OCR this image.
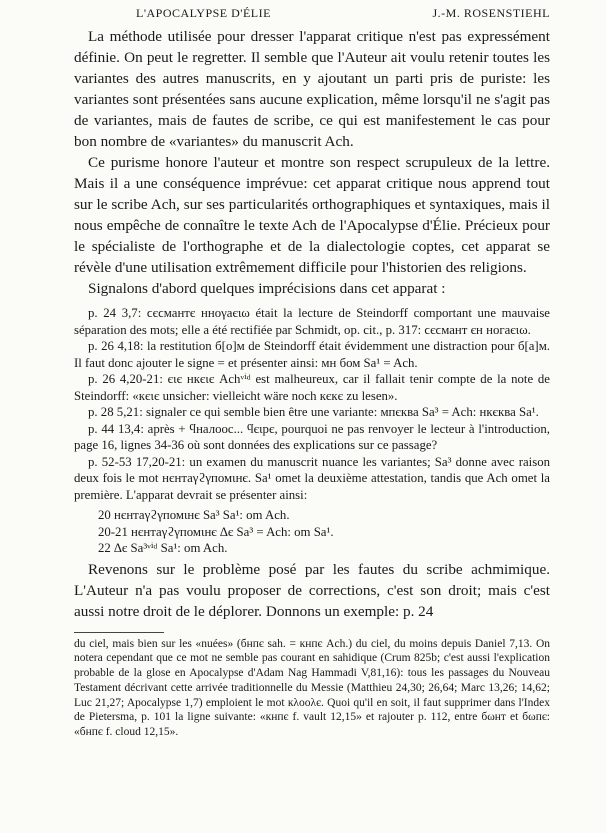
L'APOCALYPSE D'ÉLIE	J.-M. ROSENSTIEHL

La méthode utilisée pour dresser l'apparat critique n'est pas expressément définie. On peut le regretter. Il semble que l'Auteur ait voulu retenir toutes les variantes des autres manuscrits, en y ajoutant un parti pris de puriste: les variantes sont présentées sans aucune explication, même lorsqu'il ne s'agit pas de variantes, mais de fautes de scribe, ce qui est manifestement le cas pour bon nombre de «variantes» du manuscrit Ach.

Ce purisme honore l'auteur et montre son respect scrupuleux de la lettre. Mais il a une conséquence imprévue: cet apparat critique nous apprend tout sur le scribe Ach, sur ses particularités orthographiques et syntaxiques, mais il nous empêche de connaître le texte Ach de l'Apocalypse d'Élie. Précieux pour le spécialiste de l'orthographe et de la dialectologie coptes, cet apparat se révèle d'une utilisation extrêmement difficile pour l'historien des religions.

Signalons d'abord quelques imprécisions dans cet apparat :

p. 24 3,7: ϲєϲмантє ннογаєιω était la lecture de Steindorff comportant une mauvaise séparation des mots; elle a été rectifiée par Schmidt, op. cit., p. 317: ϲєϲмант єн ногаєιω.

p. 26 4,18: la restitution б[о]м de Steindorff était évidemment une distraction pour б[а]м. Il faut donc ajouter le signe = et présenter ainsi: мн бом Sa¹ = Ach.

p. 26 4,20-21: єιє нкєιє Achᵛⁱᵈ est malheureux, car il fallait tenir compte de la note de Steindorff: «кєιє unsicher: vielleicht wäre noch кєкє zu lesen».

p. 28 5,21: signaler ce qui semble bien être une variante: мпєква Sa³ = Ach: нкєква Sa¹.

p. 44 13,4: après + ϥналооc... ϥєιрє, pourquoi ne pas renvoyer le lecteur à l'introduction, page 16, lignes 34-36 où sont données des explications sur ce passage?

p. 52-53 17,20-21: un examen du manuscrit nuance les variantes; Sa³ donne avec raison deux fois le mot нєнтаγϩγпомιнє. Sa¹ omet la deuxième attestation, tandis que Ach omet la première. L'apparat devrait se présenter ainsi:

20 нєнтаγϩγпомιнє Sa³ Sa¹: om Ach.
20-21 нєнтаγϩγпомιнє ∆є Sa³ = Ach: om Sa¹.
22 ∆є Sa³ᵛⁱᵈ Sa¹: om Ach.

Revenons sur le problème posé par les fautes du scribe achmimique. L'Auteur n'a pas voulu proposer de corrections, c'est son droit; mais c'est aussi notre droit de le déplorer. Donnons un exemple: p. 24

du ciel, mais bien sur les «nuées» (бнпє sah. = кнпє Ach.) du ciel, du moins depuis Daniel 7,13. On notera cependant que ce mot ne semble pas courant en sahidique (Crum 825b; c'est aussi l'explication probable de la glose en Apocalypse d'Adam Nag Hammadi V,81,16): tous les passages du Nouveau Testament décrivant cette arrivée traditionnelle du Messie (Matthieu 24,30; 26,64; Marc 13,26; 14,62; Luc 21,27; Apocalypse 1,7) emploient le mot кλοολє. Quoi qu'il en soit, il faut supprimer dans l'Index de Pietersma, p. 101 la ligne suivante: «кнпє f. vault 12,15» et rajouter p. 112, entre бωнт et бωпє: «бнпє f. cloud 12,15».
